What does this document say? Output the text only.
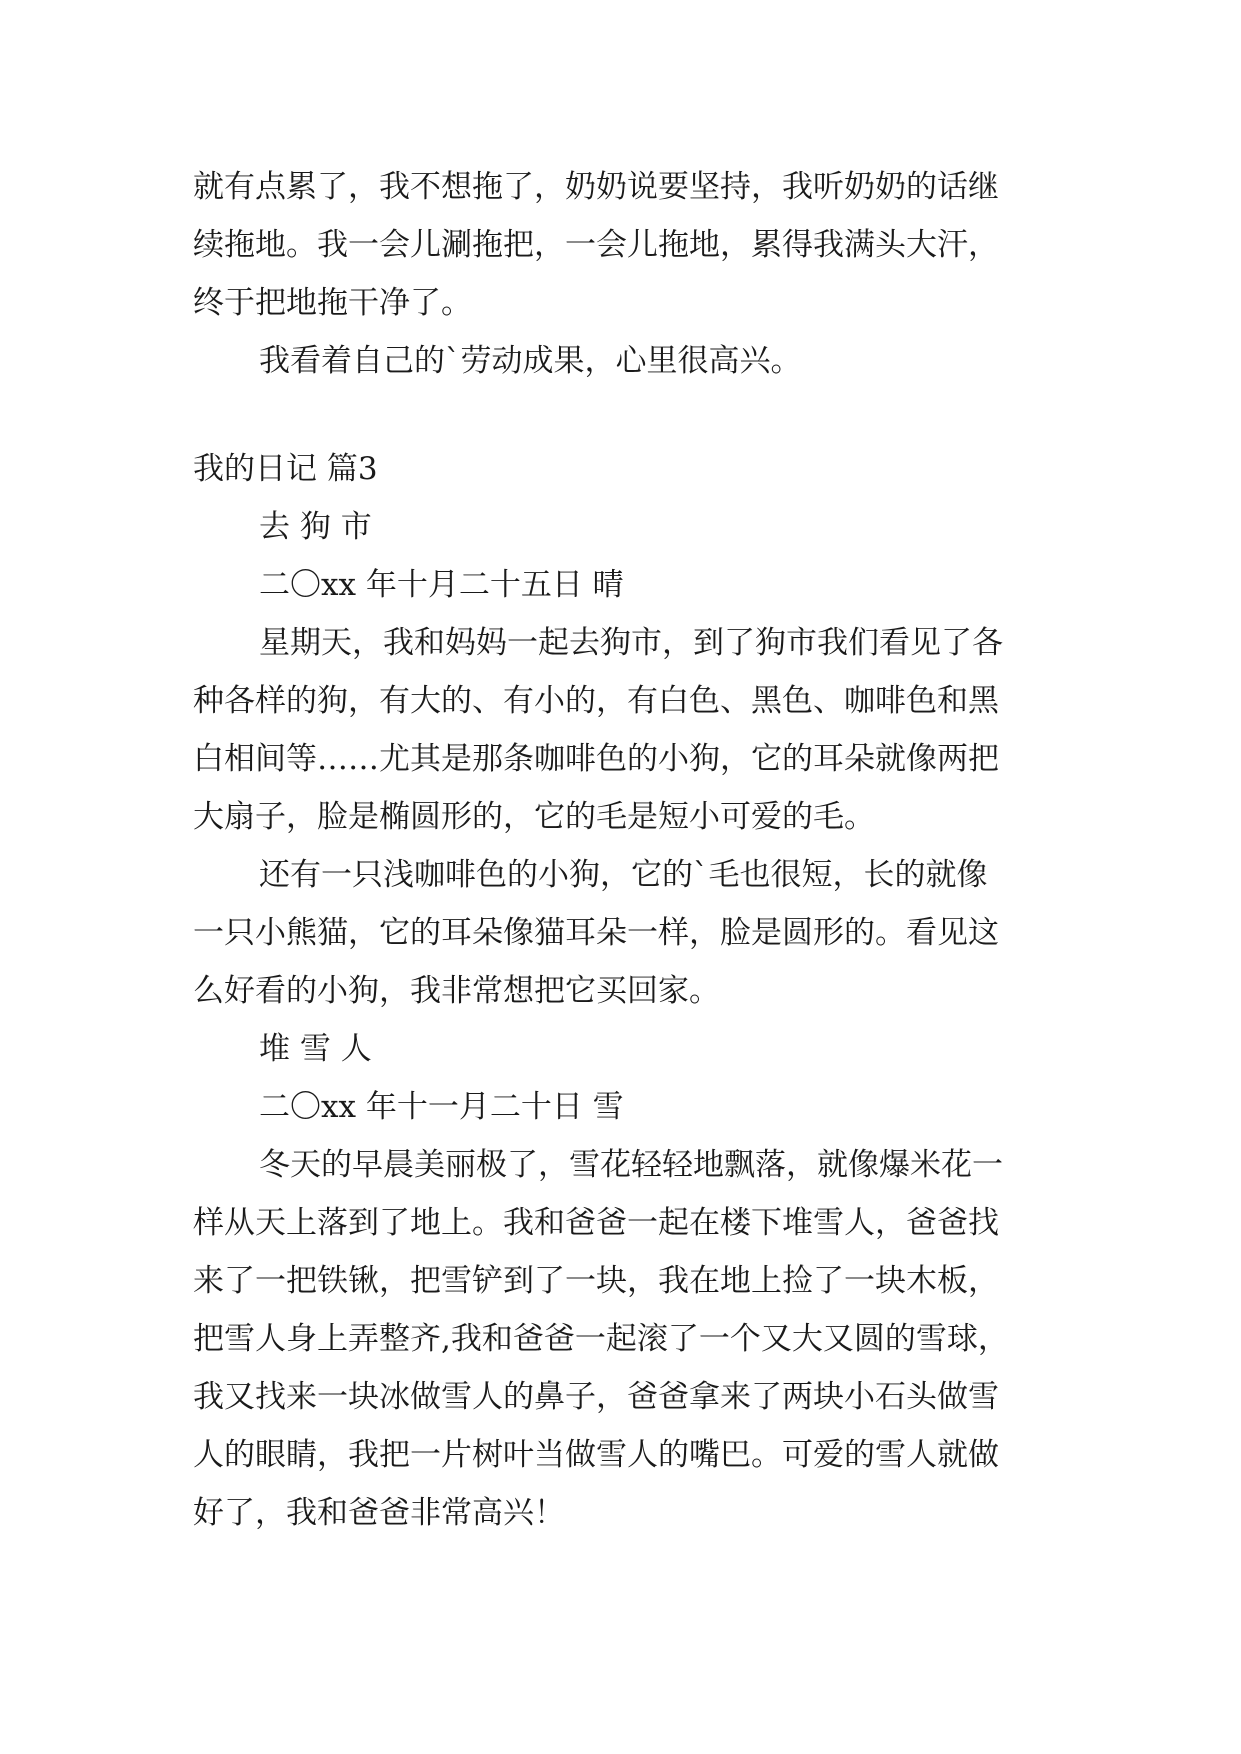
就有点累了，我不想拖了，奶奶说要坚持，我听奶奶的话继

续拖地。我一会儿涮拖把，一会儿拖地，累得我满头大汗，

终于把地拖干净了。

我看着自己的`劳动成果，心里很高兴。

我的日记 篇3

去 狗 市

二〇xx 年十月二十五日 晴

星期天，我和妈妈一起去狗市，到了狗市我们看见了各

种各样的狗，有大的、有小的，有白色、黑色、咖啡色和黑

白相间等……尤其是那条咖啡色的小狗，它的耳朵就像两把

大扇子，脸是椭圆形的，它的毛是短小可爱的毛。

还有一只浅咖啡色的小狗，它的`毛也很短，长的就像

一只小熊猫，它的耳朵像猫耳朵一样，脸是圆形的。看见这

么好看的小狗，我非常想把它买回家。

堆 雪 人

二〇xx 年十一月二十日 雪

冬天的早晨美丽极了，雪花轻轻地飘落，就像爆米花一

样从天上落到了地上。我和爸爸一起在楼下堆雪人，爸爸找

来了一把铁锹，把雪铲到了一块，我在地上捡了一块木板，

把雪人身上弄整齐,我和爸爸一起滚了一个又大又圆的雪球，

我又找来一块冰做雪人的鼻子，爸爸拿来了两块小石头做雪

人的眼睛，我把一片树叶当做雪人的嘴巴。可爱的雪人就做

好了，我和爸爸非常高兴！
